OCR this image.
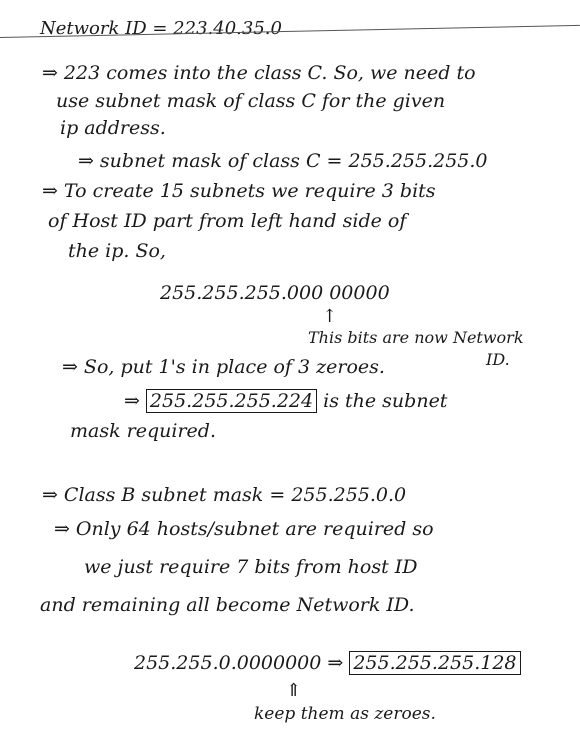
Network ID = 223.40.35.0
⇒ 223 comes into the class C. So, we need to
use subnet mask of class C for the given
ip address.
⇒ subnet mask of class C = 255.255.255.0
⇒ To create 15 subnets we require 3 bits
of Host ID part from left hand side of
the ip. So,
255.255.255.000 00000
↑
This bits are now Network
ID.
⇒ So, put 1's in place of 3 zeroes.
⇒ 255.255.255.224 is the subnet
mask required.
⇒ Class B subnet mask = 255.255.0.0
⇒ Only 64 hosts/subnet are required so
we just require 7 bits from host ID
and remaining all become Network ID.
255.255.0.0000000 ⇒ 255.255.255.128
⇑
keep them as zeroes.
